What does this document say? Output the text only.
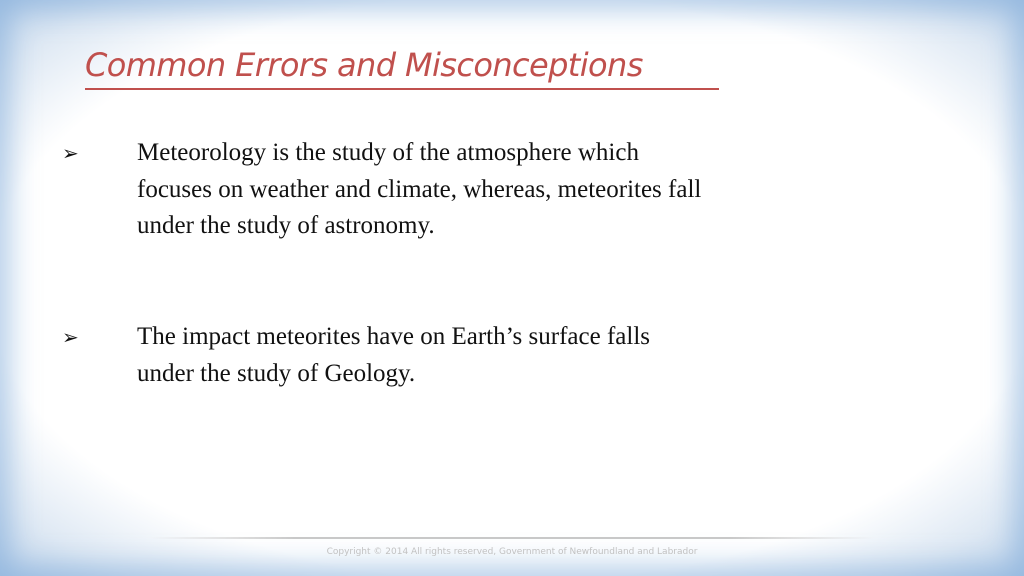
Common Errors and Misconceptions
➢ Meteorology is the study of the atmosphere which focuses on weather and climate, whereas, meteorites fall under the study of astronomy.
➢ The impact meteorites have on Earth’s surface falls under the study of Geology.
Copyright © 2014 All rights reserved, Government of Newfoundland and Labrador
